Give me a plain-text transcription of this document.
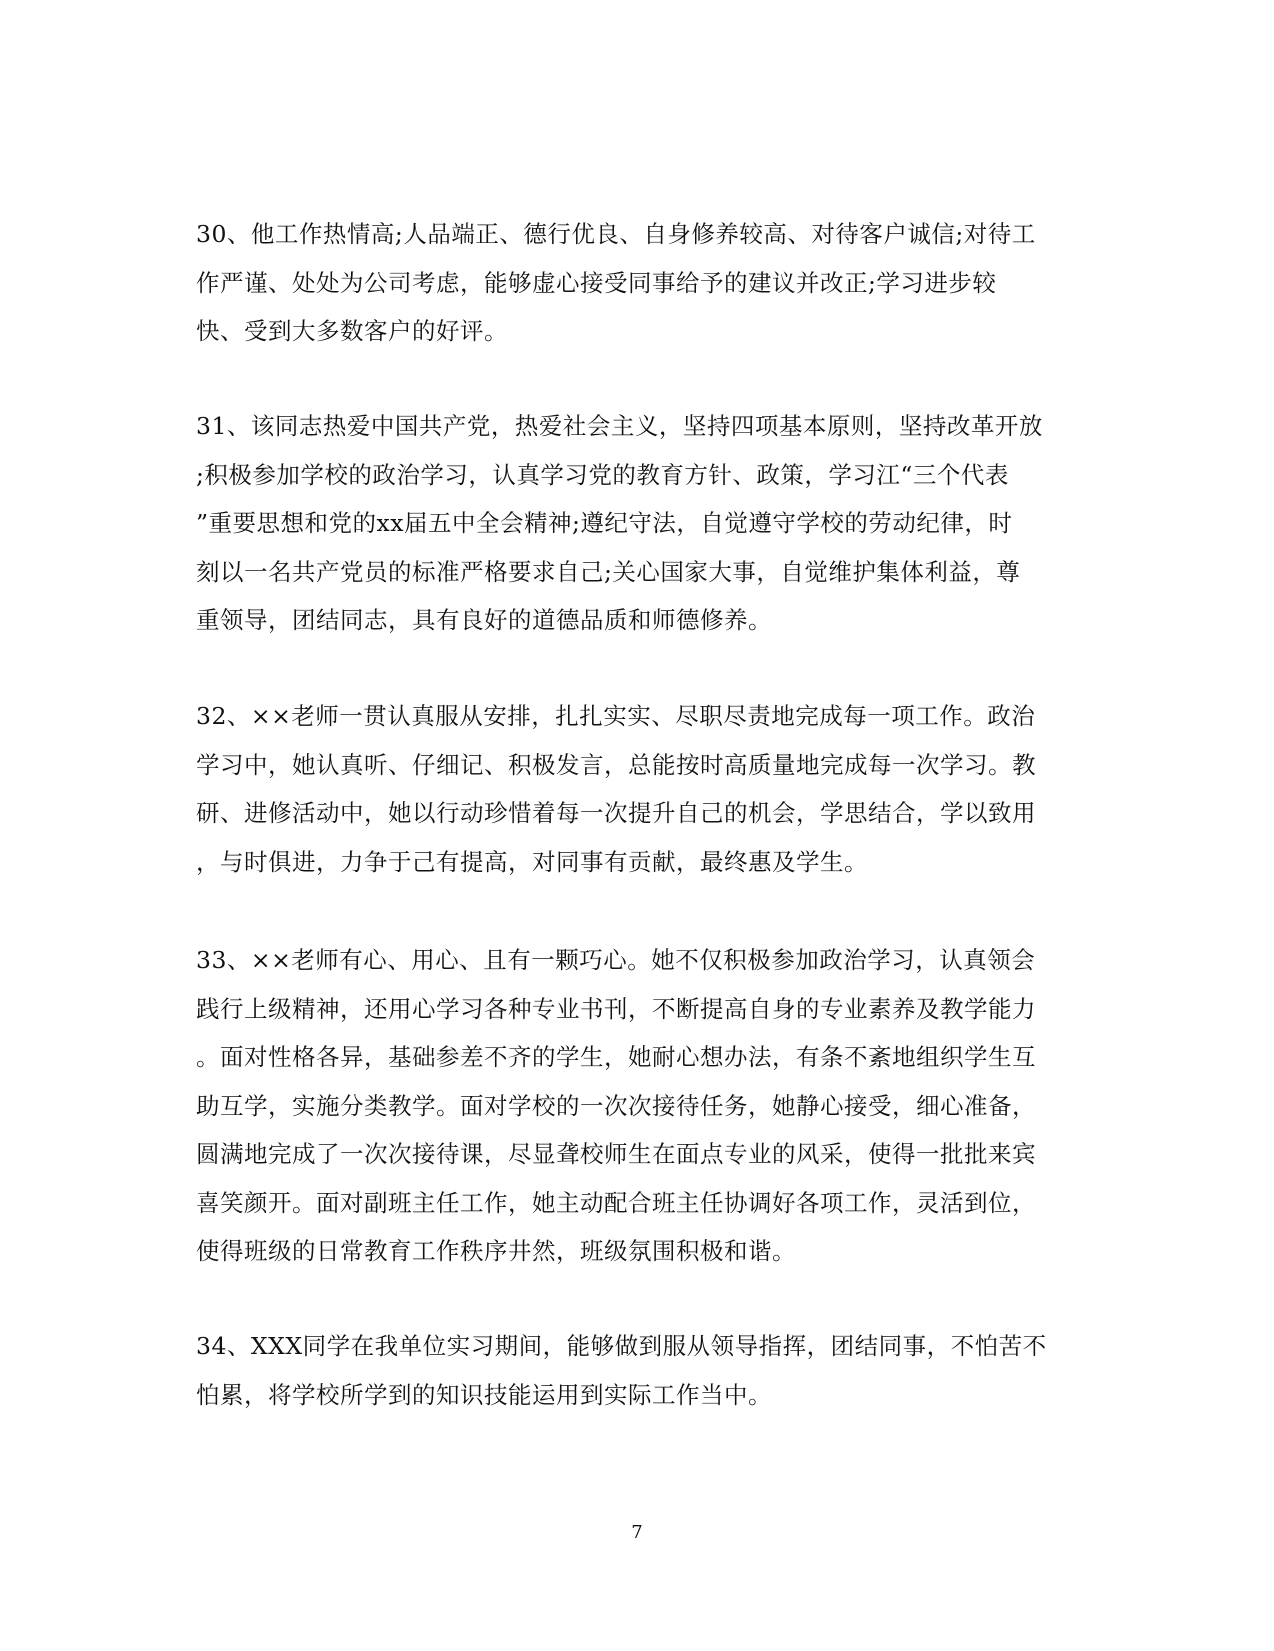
30、他工作热情高;人品端正、德行优良、自身修养较高、对待客户诚信;对待工
作严谨、处处为公司考虑，能够虚心接受同事给予的建议并改正;学习进步较
快、受到大多数客户的好评。

31、该同志热爱中国共产党，热爱社会主义，坚持四项基本原则，坚持改革开放
;积极参加学校的政治学习，认真学习党的教育方针、政策，学习江“三个代表
”重要思想和党的xx届五中全会精神;遵纪守法，自觉遵守学校的劳动纪律，时
刻以一名共产党员的标准严格要求自己;关心国家大事，自觉维护集体利益，尊
重领导，团结同志，具有良好的道德品质和师德修养。

32、××老师一贯认真服从安排，扎扎实实、尽职尽责地完成每一项工作。政治
学习中，她认真听、仔细记、积极发言，总能按时高质量地完成每一次学习。教
研、进修活动中，她以行动珍惜着每一次提升自己的机会，学思结合，学以致用
，与时俱进，力争于己有提高，对同事有贡献，最终惠及学生。

33、××老师有心、用心、且有一颗巧心。她不仅积极参加政治学习，认真领会
践行上级精神，还用心学习各种专业书刊，不断提高自身的专业素养及教学能力
。面对性格各异，基础参差不齐的学生，她耐心想办法，有条不紊地组织学生互
助互学，实施分类教学。面对学校的一次次接待任务，她静心接受，细心准备，
圆满地完成了一次次接待课，尽显聋校师生在面点专业的风采，使得一批批来宾
喜笑颜开。面对副班主任工作，她主动配合班主任协调好各项工作，灵活到位，
使得班级的日常教育工作秩序井然，班级氛围积极和谐。

34、XXX同学在我单位实习期间，能够做到服从领导指挥，团结同事，不怕苦不
怕累，将学校所学到的知识技能运用到实际工作当中。

7
